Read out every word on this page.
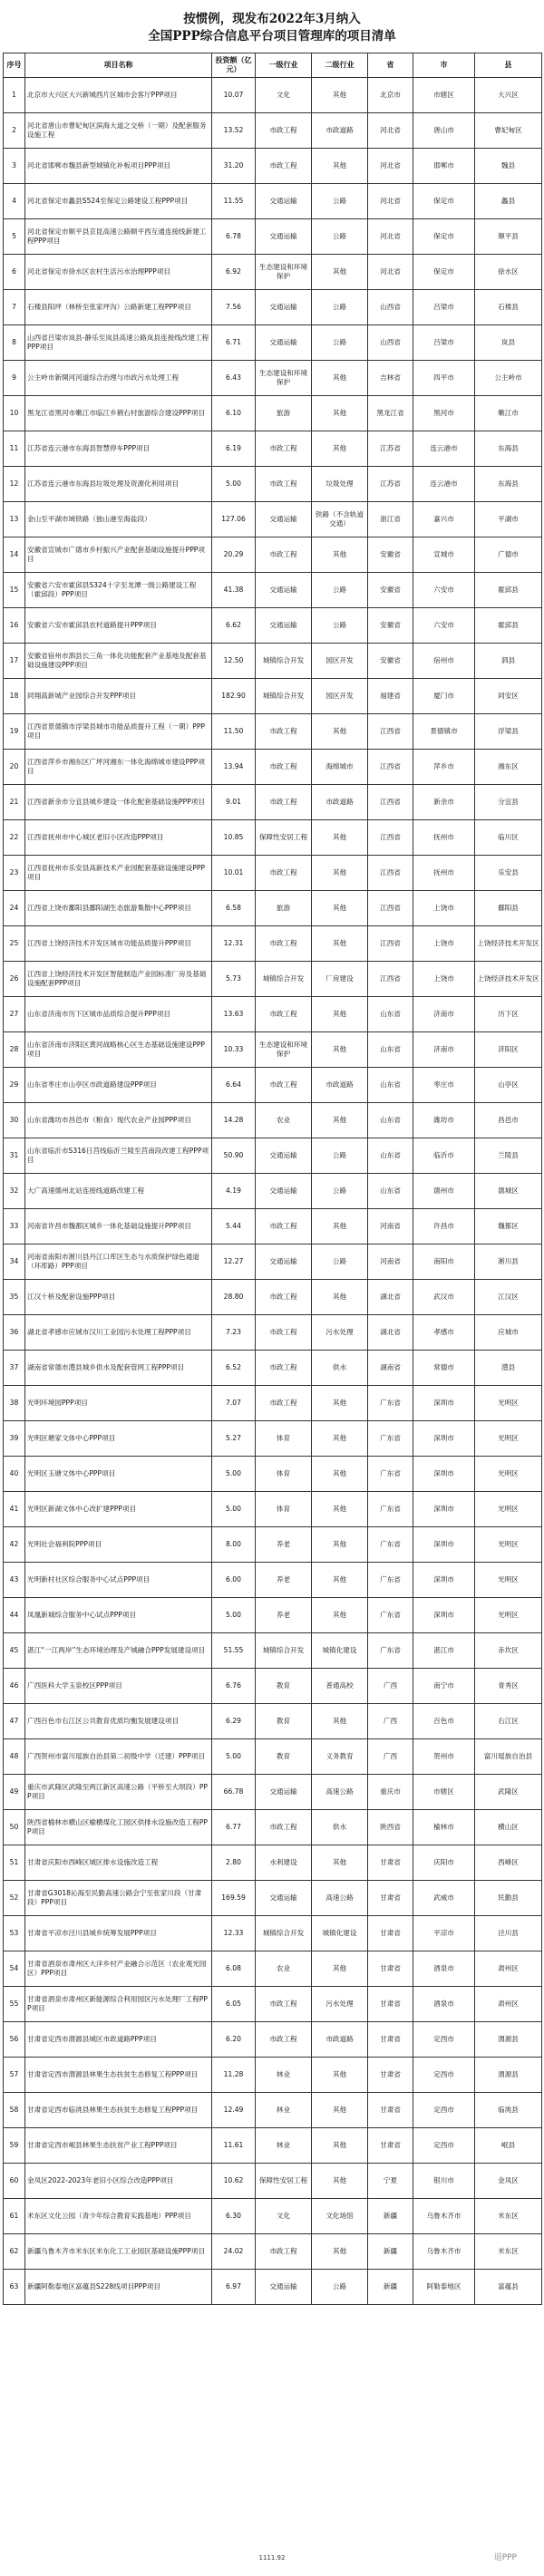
按惯例，现发布2022年3月纳入
全国PPP综合信息平台项目管理库的项目清单
序号	项目名称	投资额（亿元）	一级行业	二级行业	省	市	县
1	北京市大兴区大兴新城西片区城市会客厅PPP项目	10.07	文化	其他	北京市	市辖区	大兴区
2	河北省唐山市曹妃甸区滨海大道之交桥（一期）及配套服务设施工程	13.52	市政工程	市政道路	河北省	唐山市	曹妃甸区
3	河北省邯郸市魏县新型城镇化补板项目PPP项目	31.20	市政工程	其他	河北省	邯郸市	魏县
4	河北省保定市蠡县S524至保定公路建设工程PPP项目	11.55	交通运输	公路	河北省	保定市	蠡县
5	河北省保定市顺平县京昆高速公路顺平西互通连接线新建工程PPP项目	6.78	交通运输	公路	河北省	保定市	顺平县
6	河北省保定市徐水区农村生活污水治理PPP项目	6.92	生态建设和环境保护	其他	河北省	保定市	徐水区
7	石楼县阳坪（林桥至张家坪沟）公路新建工程PPP项目	7.56	交通运输	公路	山西省	吕梁市	石楼县
8	山西省吕梁市岚县-静乐至岚县高速公路岚县连接线改建工程PPP项目	6.71	交通运输	公路	山西省	吕梁市	岚县
9	公主岭市新開河河道综合治理与市政污水处理工程	6.43	生态建设和环境保护	其他	吉林省	四平市	公主岭市
10	黑龙江省黑河市嫩江市临江乡鹤右村旅游综合建设PPP项目	6.10	旅游	其他	黑龙江省	黑河市	嫩江市
11	江苏省连云港市东海县智慧停车PPP项目	6.19	市政工程	其他	江苏省	连云港市	东海县
12	江苏省连云港市东海县垃圾处理及资源化利用项目	5.00	市政工程	垃圾处理	江苏省	连云港市	东海县
13	金山至平湖市域铁路（独山港至海盐段）	127.06	交通运输	铁路（不含轨道交通）	浙江省	嘉兴市	平湖市
14	安徽省宣城市广德市乡村振兴产业配套基础设施提升PPP项目	20.29	市政工程	其他	安徽省	宣城市	广德市
15	安徽省六安市霍邱县S324十字至龙潭一级公路建设工程（霍邱段）PPP项目	41.38	交通运输	公路	安徽省	六安市	霍邱县
16	安徽省六安市霍邱县农村道路提升PPP项目	6.62	交通运输	公路	安徽省	六安市	霍邱县
17	安徽省宿州市泗县长三角一体化功能配套产业基地及配套基础设施建设PPP项目	12.50	城镇综合开发	园区开发	安徽省	宿州市	泗县
18	同翔高新城产业园综合开发PPP项目	182.90	城镇综合开发	园区开发	福建省	厦门市	同安区
19	江西省景德镇市浮梁县城市功能品质提升工程（一期）PPP项目	11.50	市政工程	其他	江西省	景德镇市	浮梁县
20	江西省萍乡市湘东区广坪河湘东一体化海绵城市建设PPP项目	13.94	市政工程	海绵城市	江西省	萍乡市	湘东区
21	江西省新余市分宜县城乡建设一体化配套基础设施PPP项目	9.01	市政工程	市政道路	江西省	新余市	分宜县
22	江西省抚州市中心城区老旧小区改造PPP项目	10.85	保障性安居工程	其他	江西省	抚州市	临川区
23	江西省抚州市乐安县高新技术产业园配套基础设施建设PPP项目	10.01	市政工程	其他	江西省	抚州市	乐安县
24	江西省上饶市鄱阳县鄱阳湖生态旅游集散中心PPP项目	6.58	旅游	其他	江西省	上饶市	鄱阳县
25	江西省上饶经济技术开发区城市功能品质提升PPP项目	12.31	市政工程	其他	江西省	上饶市	上饶经济技术开发区
26	江西省上饶经济技术开发区智能制造产业园标准厂房及基础设施配套PPP项目	5.73	城镇综合开发	厂房建设	江西省	上饶市	上饶经济技术开发区
27	山东省济南市历下区城市品质综合提升PPP项目	13.63	市政工程	其他	山东省	济南市	历下区
28	山东省济南市济阳区黄河战略核心区生态基础设施建设PPP项目	10.33	生态建设和环境保护	其他	山东省	济南市	济阳区
29	山东省枣庄市山亭区市政道路建设PPP项目	6.64	市政工程	市政道路	山东省	枣庄市	山亭区
30	山东省潍坊市昌邑市（粮食）现代农业产业园PPP项目	14.28	农业	其他	山东省	潍坊市	昌邑市
31	山东省临沂市S316日莒线临沂兰陵至莒南段改建工程PPP项目	50.90	交通运输	公路	山东省	临沂市	兰陵县
32	大广高速德州北站连接线道路改建工程	4.19	交通运输	公路	山东省	德州市	德城区
33	河南省许昌市魏都区城乡一体化基础设施提升PPP项目	5.44	市政工程	其他	河南省	许昌市	魏都区
34	河南省南阳市淅川县丹江口库区生态与水质保护绿色通道（环库路）PPP项目	12.27	交通运输	公路	河南省	南阳市	淅川县
35	江汉十桥及配套设施PPP项目	28.80	市政工程	其他	湖北省	武汉市	江汉区
36	湖北省孝感市应城市汉川工业园污水处理工程PPP项目	7.23	市政工程	污水处理	湖北省	孝感市	应城市
37	湖南省常德市澧县城乡供水及配套管网工程PPP项目	6.52	市政工程	供水	湖南省	常德市	澧县
38	光明环境园PPP项目	7.07	市政工程	其他	广东省	深圳市	光明区
39	光明区塘家文体中心PPP项目	5.27	体育	其他	广东省	深圳市	光明区
40	光明区玉塘文体中心PPP项目	5.00	体育	其他	广东省	深圳市	光明区
41	光明区新湖文体中心改扩建PPP项目	5.00	体育	其他	广东省	深圳市	光明区
42	光明社会福利院PPP项目	8.00	养老	其他	广东省	深圳市	光明区
43	光明新村社区综合服务中心试点PPP项目	6.00	养老	其他	广东省	深圳市	光明区
44	凤凰新城综合服务中心试点PPP项目	5.00	养老	其他	广东省	深圳市	光明区
45	湛江“一江两岸”生态环境治理及产城融合PPP发展建设项目	51.55	城镇综合开发	城镇化建设	广东省	湛江市	赤坎区
46	广西医科大学玉泉校区PPP项目	6.76	教育	普通高校	广西	南宁市	青秀区
47	广西百色市右江区公共教育优质均衡发展建设项目	6.29	教育	其他	广西	百色市	右江区
48	广西贺州市富川瑶族自治县第二初级中学（迁建）PPP项目	5.00	教育	义务教育	广西	贺州市	富川瑶族自治县
49	重庆市武隆区武隆至两江新区高速公路（平桥至大坝段）PPP项目	66.78	交通运输	高速公路	重庆市	市辖区	武隆区
50	陕西省榆林市横山区榆横煤化工园区供排水设施改造工程PPP项目	6.77	市政工程	供水	陕西省	榆林市	横山区
51	甘肃省庆阳市西峰区城区排水设施改造工程	2.80	水利建设	其他	甘肃省	庆阳市	西峰区
52	甘肃省G3018沁海至民勤高速公路会宁至张家川段（甘肃段）PPP项目	169.59	交通运输	高速公路	甘肃省	武威市	民勤县
53	甘肃省平凉市泾川县城乡统筹发展PPP项目	12.33	城镇综合开发	城镇化建设	甘肃省	平凉市	泾川县
54	甘肃省酒泉市肃州区大洋乡村产业融合示范区（农业观光园区）PPP项目	6.08	农业	其他	甘肃省	酒泉市	肃州区
55	甘肃省酒泉市肃州区新能源综合利用园区污水处理厂工程PPP项目	6.05	市政工程	污水处理	甘肃省	酒泉市	肃州区
56	甘肃省定西市渭源县城区市政道路PPP项目	6.20	市政工程	市政道路	甘肃省	定西市	渭源县
57	甘肃省定西市渭源县林果生态扶贫生态修复工程PPP项目	11.28	林业	其他	甘肃省	定西市	渭源县
58	甘肃省定西市临洮县林果生态扶贫生态修复工程PPP项目	12.49	林业	其他	甘肃省	定西市	临洮县
59	甘肃省定西市岷县林果生态扶贫产业工程PPP项目	11.61	林业	其他	甘肃省	定西市	岷县
60	金凤区2022-2023年老旧小区综合改造PPP项目	10.62	保障性安居工程	其他	宁夏	银川市	金凤区
61	米东区文化公园（青少年综合教育实践基地）PPP项目	6.30	文化	文化场馆	新疆	乌鲁木齐市	米东区
62	新疆乌鲁木齐市米东区米东化工工业园区基础设施PPP项目	24.02	市政工程	其他	新疆	乌鲁木齐市	米东区
63	新疆阿勒泰地区富蕴县S228线项目PPP项目	6.97	交通运输	公路	新疆	阿勒泰地区	富蕴县
1111.92	道PPP
